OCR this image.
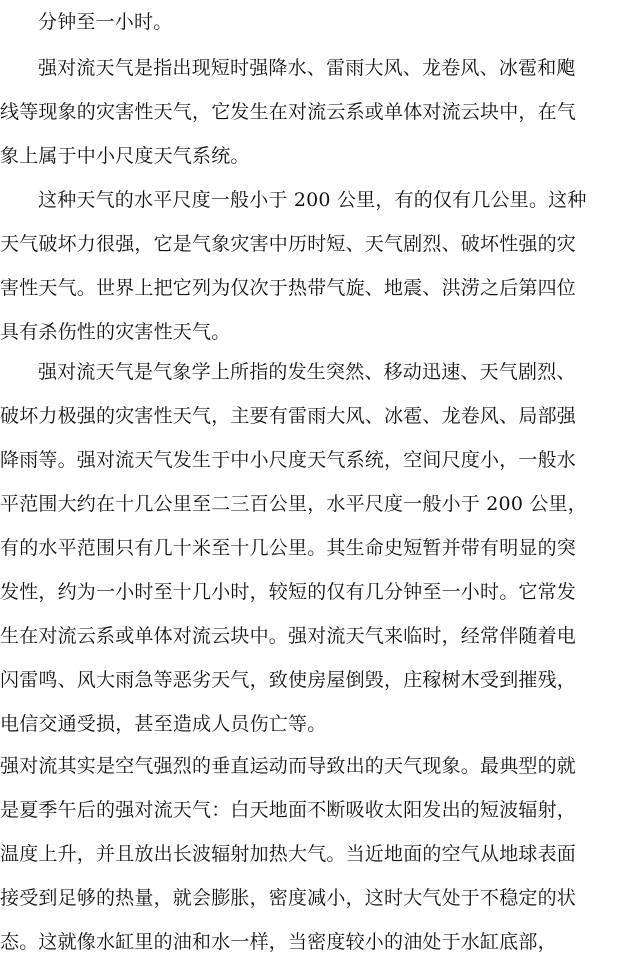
分钟至一小时。
强对流天气是指出现短时强降水、雷雨大风、龙卷风、冰雹和飑
线等现象的灾害性天气，它发生在对流云系或单体对流云块中，在气
象上属于中小尺度天气系统。
这种天气的水平尺度一般小于 200 公里，有的仅有几公里。这种
天气破坏力很强，它是气象灾害中历时短、天气剧烈、破坏性强的灾
害性天气。世界上把它列为仅次于热带气旋、地震、洪涝之后第四位
具有杀伤性的灾害性天气。
强对流天气是气象学上所指的发生突然、移动迅速、天气剧烈、
破坏力极强的灾害性天气，主要有雷雨大风、冰雹、龙卷风、局部强
降雨等。强对流天气发生于中小尺度天气系统，空间尺度小，一般水
平范围大约在十几公里至二三百公里，水平尺度一般小于 200 公里，
有的水平范围只有几十米至十几公里。其生命史短暂并带有明显的突
发性，约为一小时至十几小时，较短的仅有几分钟至一小时。它常发
生在对流云系或单体对流云块中。强对流天气来临时，经常伴随着电
闪雷鸣、风大雨急等恶劣天气，致使房屋倒毁，庄稼树木受到摧残，
电信交通受损，甚至造成人员伤亡等。
强对流其实是空气强烈的垂直运动而导致出的天气现象。最典型的就
是夏季午后的强对流天气：白天地面不断吸收太阳发出的短波辐射，
温度上升，并且放出长波辐射加热大气。当近地面的空气从地球表面
接受到足够的热量，就会膨胀，密度减小，这时大气处于不稳定的状
态。这就像水缸里的油和水一样，当密度较小的油处于水缸底部，
